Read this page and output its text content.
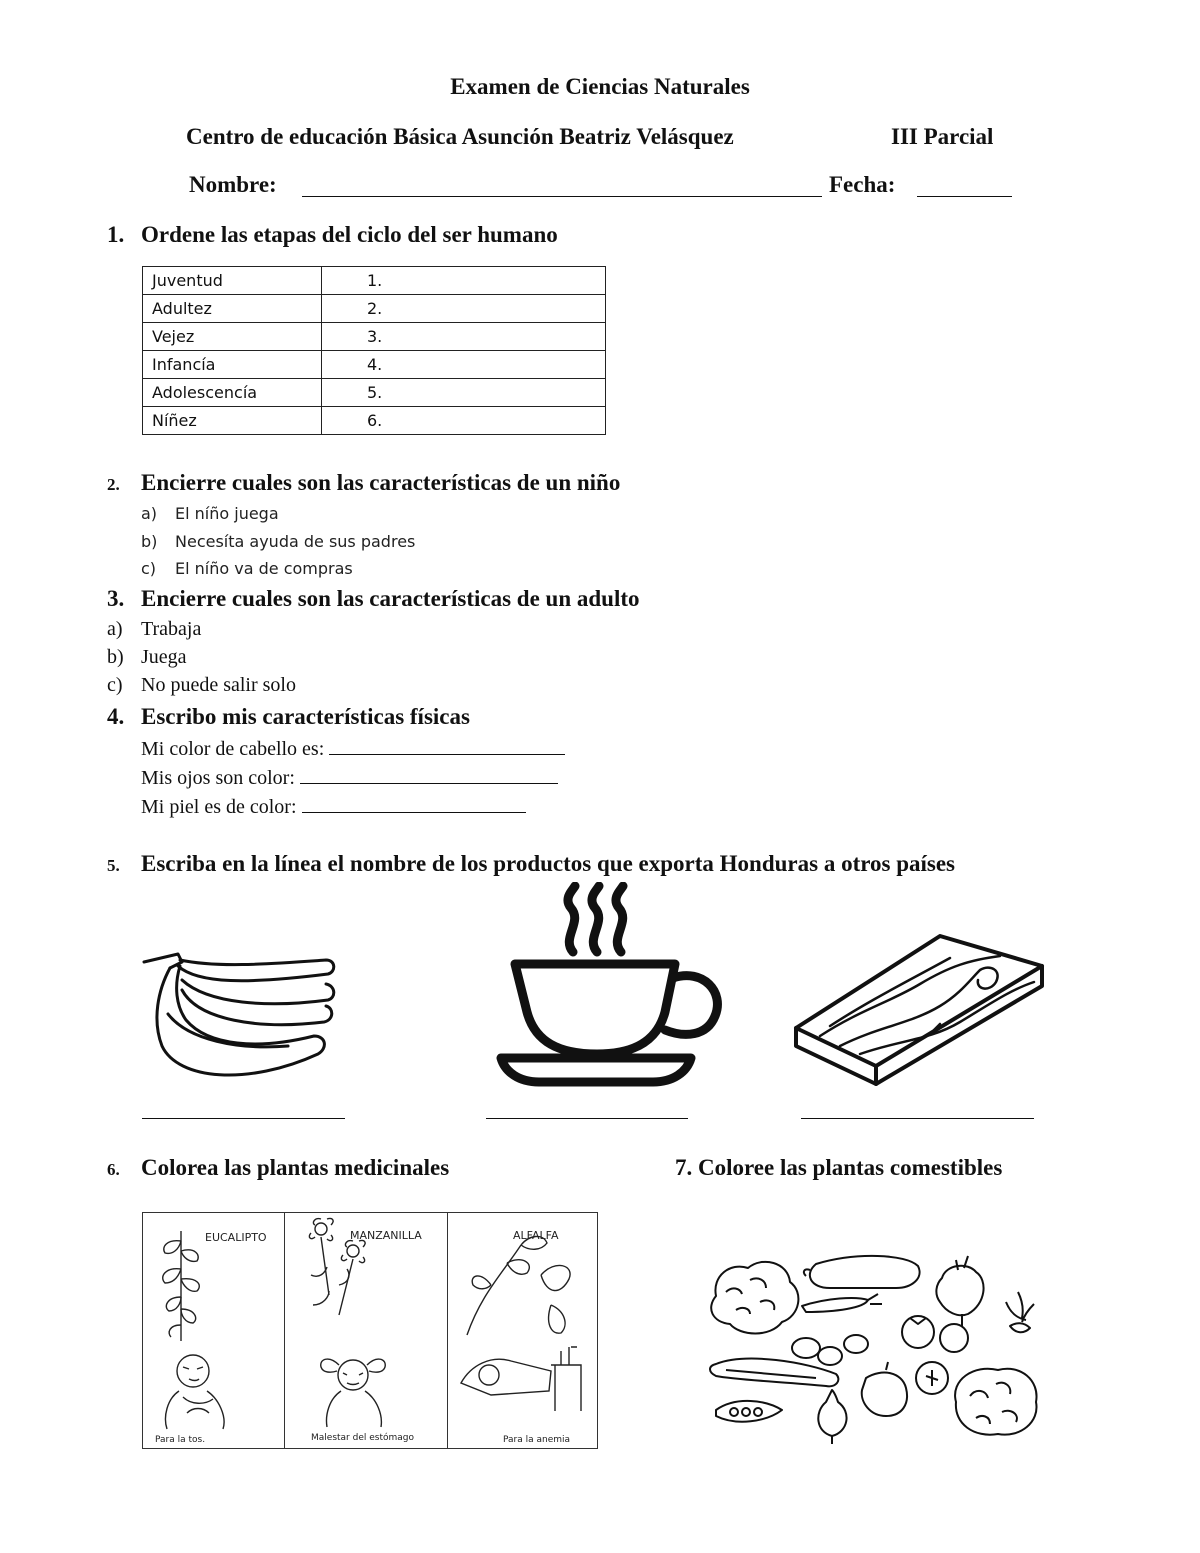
Examen de Ciencias Naturales
Centro de educación Básica Asunción Beatriz Velásquez	III Parcial
Nombre:	Fecha:
1. Ordene las etapas del ciclo del ser humano
Juventud	1.
Adultez	2.
Vejez	3.
Infancía	4.
Adolescencía	5.
Níñez	6.
2. Encierre cuales son las características de un niño
a) El níño juega
b) Necesíta ayuda de sus padres
c) El níño va de compras
3. Encierre cuales son las características de un adulto
a) Trabaja
b) Juega
c) No puede salir solo
4. Escribo mis características físicas
Mi color de cabello es:
Mis ojos son color:
Mi piel es de color:
5. Escriba en la línea el nombre de los productos que exporta Honduras a otros países
6. Colorea las plantas medicinales	7. Coloree las plantas comestibles
EUCALIPTO	MANZANILLA	ALFALFA
Para la tos.	Malestar del estómago	Para la anemia
